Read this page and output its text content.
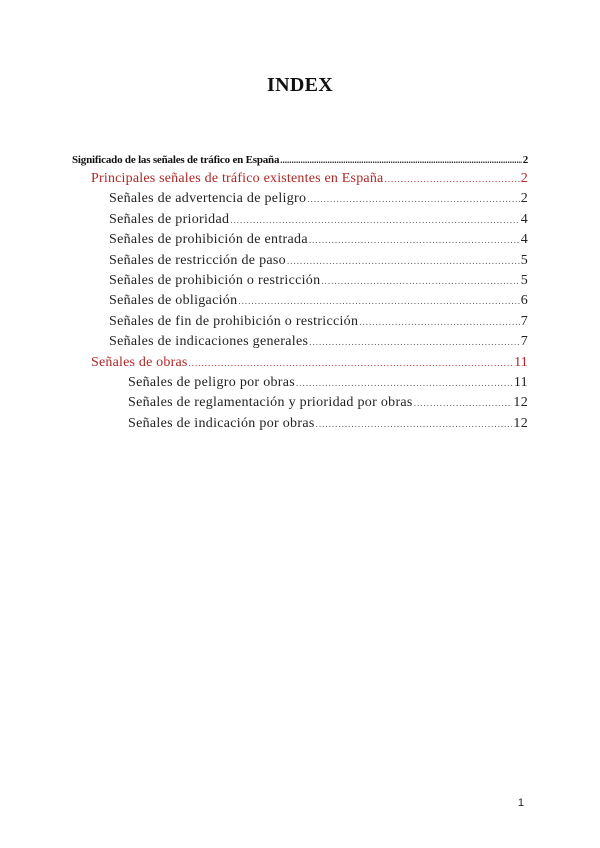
INDEX
Significado de las señales de tráfico en España .....	2
Principales señales de tráfico existentes en España .....	2
Señales de advertencia de peligro .....	2
Señales de prioridad .....	4
Señales de prohibición de entrada .....	4
Señales de restricción de paso .....	5
Señales de prohibición o restricción .....	5
Señales de obligación .....	6
Señales de fin de prohibición o restricción .....	7
Señales de indicaciones generales .....	7
Señales de obras .....	11
Señales de peligro por obras .....	11
Señales de reglamentación y prioridad por obras .....	12
Señales de indicación por obras .....	12
1
